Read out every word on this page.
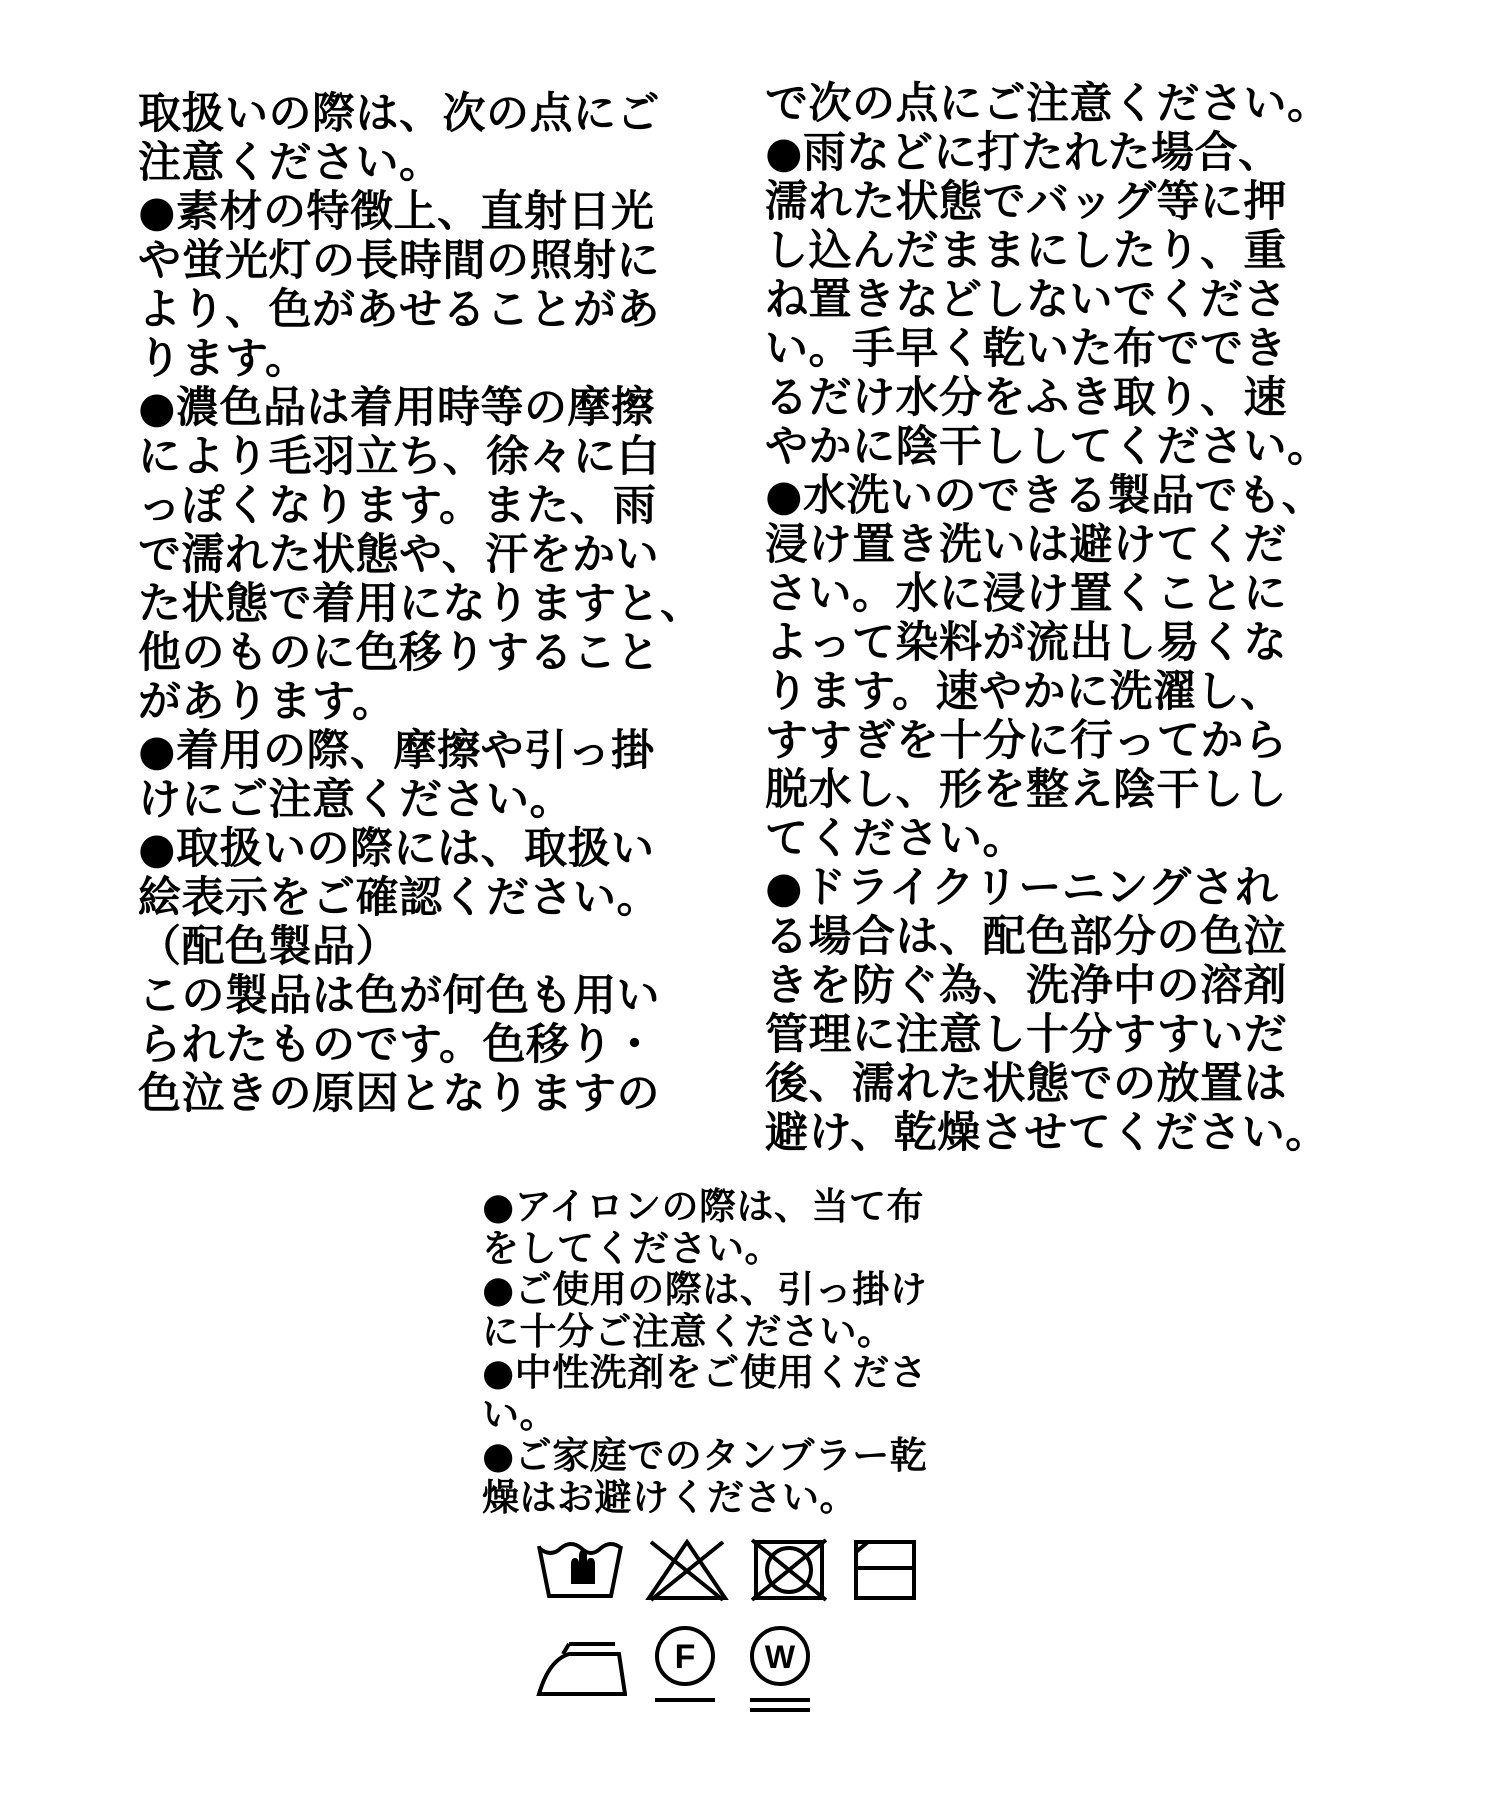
取扱いの際は、次の点にご
注意ください。
●素材の特徴上、直射日光
や蛍光灯の長時間の照射に
より、色があせることがあ
ります。
●濃色品は着用時等の摩擦
により毛羽立ち、徐々に白
っぽくなります。また、雨
で濡れた状態や、汗をかい
た状態で着用になりますと、
他のものに色移りすること
があります。
●着用の際、摩擦や引っ掛
けにご注意ください。
●取扱いの際には、取扱い
絵表示をご確認ください。
（配色製品）
この製品は色が何色も用い
られたものです。色移り・
色泣きの原因となりますの
で次の点にご注意ください。
●雨などに打たれた場合、
濡れた状態でバッグ等に押
し込んだままにしたり、重
ね置きなどしないでくださ
い。手早く乾いた布ででき
るだけ水分をふき取り、速
やかに陰干ししてください。
●水洗いのできる製品でも、
浸け置き洗いは避けてくだ
さい。水に浸け置くことに
よって染料が流出し易くな
ります。速やかに洗濯し、
すすぎを十分に行ってから
脱水し、形を整え陰干しし
てください。
●ドライクリーニングされ
る場合は、配色部分の色泣
きを防ぐ為、洗浄中の溶剤
管理に注意し十分すすいだ
後、濡れた状態での放置は
避け、乾燥させてください。
●アイロンの際は、当て布
をしてください。
●ご使用の際は、引っ掛け
に十分ご注意ください。
●中性洗剤をご使用くださ
い。
●ご家庭でのタンブラー乾
燥はお避けください。
F W
